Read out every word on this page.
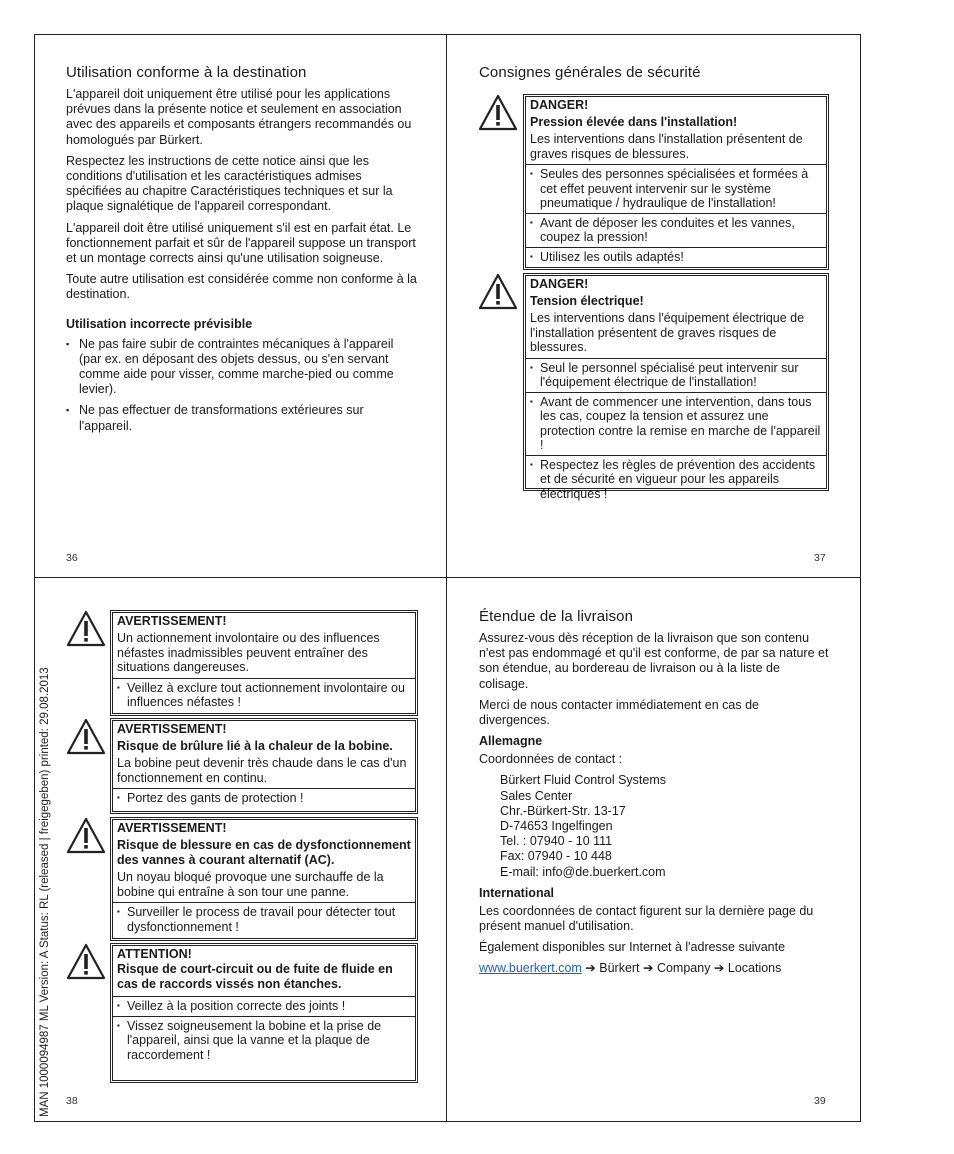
MAN 1000094987 ML Version: A Status: RL (released | freigegeben) printed: 29.08.2013
Utilisation conforme à la destination

L'appareil doit uniquement être utilisé pour les applications prévues dans la présente notice et seulement en association avec des appareils et composants étrangers recommandés ou homologués par Bürkert.

Respectez les instructions de cette notice ainsi que les conditions d'utilisation et les caractéristiques admises spécifiées au chapitre Caractéristiques techniques et sur la plaque signalétique de l'appareil correspondant.

L'appareil doit être utilisé uniquement s'il est en parfait état. Le fonctionnement parfait et sûr de l'appareil suppose un transport et un montage corrects ainsi qu'une utilisation soigneuse.

Toute autre utilisation est considérée comme non conforme à la destination.

Utilisation incorrecte prévisible
▪ Ne pas faire subir de contraintes mécaniques à l'appareil (par ex. en déposant des objets dessus, ou s'en servant comme aide pour visser, comme marche-pied ou comme levier).
▪ Ne pas effectuer de transformations extérieures sur l'appareil.
36
Consignes générales de sécurité
DANGER!
Pression élevée dans l'installation!
Les interventions dans l'installation présentent de graves risques de blessures.
▪ Seules des personnes spécialisées et formées à cet effet peuvent intervenir sur le système pneumatique / hydraulique de l'installation!
▪ Avant de déposer les conduites et les vannes, coupez la pression!
▪ Utilisez les outils adaptés!
DANGER!
Tension électrique!
Les interventions dans l'équipement électrique de l'installation présentent de graves risques de blessures.
▪ Seul le personnel spécialisé peut intervenir sur l'équipement électrique de l'installation!
▪ Avant de commencer une intervention, dans tous les cas, coupez la tension et assurez une protection contre la remise en marche de l'appareil !
▪ Respectez les règles de prévention des accidents et de sécurité en vigueur pour les appareils électriques !
37
AVERTISSEMENT!
Un actionnement involontaire ou des influences néfastes inadmissibles peuvent entraîner des situations dangereuses.
▪ Veillez à exclure tout actionnement involontaire ou influences néfastes !
AVERTISSEMENT!
Risque de brûlure lié à la chaleur de la bobine.
La bobine peut devenir très chaude dans le cas d'un fonctionnement en continu.
▪ Portez des gants de protection !
AVERTISSEMENT!
Risque de blessure en cas de dysfonctionnement des vannes à courant alternatif (AC).
Un noyau bloqué provoque une surchauffe de la bobine qui entraîne à son tour une panne.
▪ Surveiller le process de travail pour détecter tout dysfonctionnement !
ATTENTION!
Risque de court-circuit ou de fuite de fluide en cas de raccords vissés non étanches.
▪ Veillez à la position correcte des joints !
▪ Vissez soigneusement la bobine et la prise de l'appareil, ainsi que la vanne et la plaque de raccordement !
38
Étendue de la livraison

Assurez-vous dès réception de la livraison que son contenu n'est pas endommagé et qu'il est conforme, de par sa nature et son étendue, au bordereau de livraison ou à la liste de colisage.

Merci de nous contacter immédiatement en cas de divergences.

Allemagne

Coordonnées de contact :

Bürkert Fluid Control Systems

Sales Center

Chr.-Bürkert-Str. 13-17

D-74653 Ingelfingen

Tel. : 07940 - 10 111

Fax: 07940 - 10 448

E-mail: info@de.buerkert.com

International

Les coordonnées de contact figurent sur la dernière page du présent manuel d'utilisation.

Également disponibles sur Internet à l'adresse suivante

www.buerkert.com ➔ Bürkert ➔ Company ➔ Locations

39
